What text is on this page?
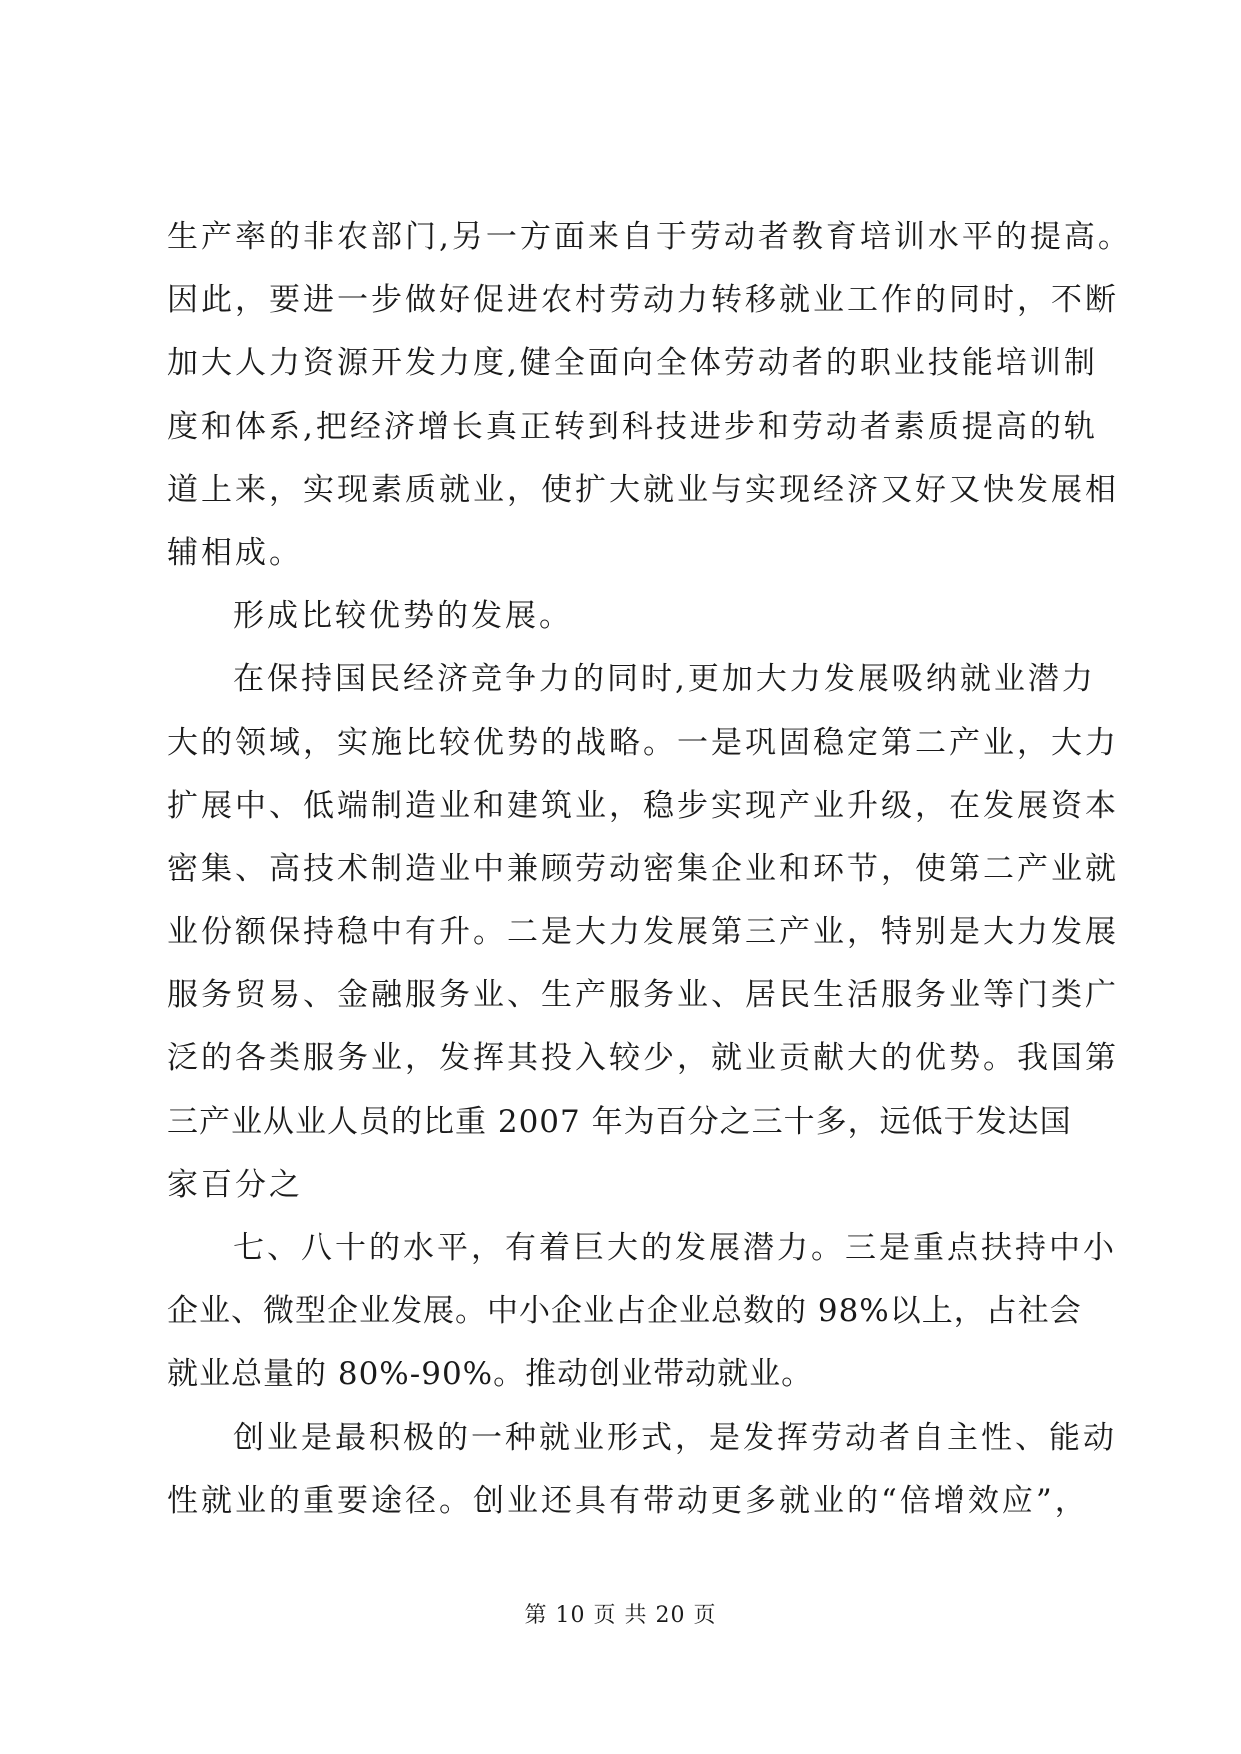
生产率的非农部门,另一方面来自于劳动者教育培训水平的提高。
因此，要进一步做好促进农村劳动力转移就业工作的同时，不断
加大人力资源开发力度,健全面向全体劳动者的职业技能培训制
度和体系,把经济增长真正转到科技进步和劳动者素质提高的轨
道上来，实现素质就业，使扩大就业与实现经济又好又快发展相
辅相成。
形成比较优势的发展。
在保持国民经济竞争力的同时,更加大力发展吸纳就业潜力
大的领域，实施比较优势的战略。一是巩固稳定第二产业，大力
扩展中、低端制造业和建筑业，稳步实现产业升级，在发展资本
密集、高技术制造业中兼顾劳动密集企业和环节，使第二产业就
业份额保持稳中有升。二是大力发展第三产业，特别是大力发展
服务贸易、金融服务业、生产服务业、居民生活服务业等门类广
泛的各类服务业，发挥其投入较少，就业贡献大的优势。我国第
三产业从业人员的比重 2007 年为百分之三十多，远低于发达国
家百分之
七、八十的水平，有着巨大的发展潜力。三是重点扶持中小
企业、微型企业发展。中小企业占企业总数的 98%以上，占社会
就业总量的 80%-90%。推动创业带动就业。
创业是最积极的一种就业形式，是发挥劳动者自主性、能动
性就业的重要途径。创业还具有带动更多就业的“倍增效应”，
第 10 页 共 20 页
